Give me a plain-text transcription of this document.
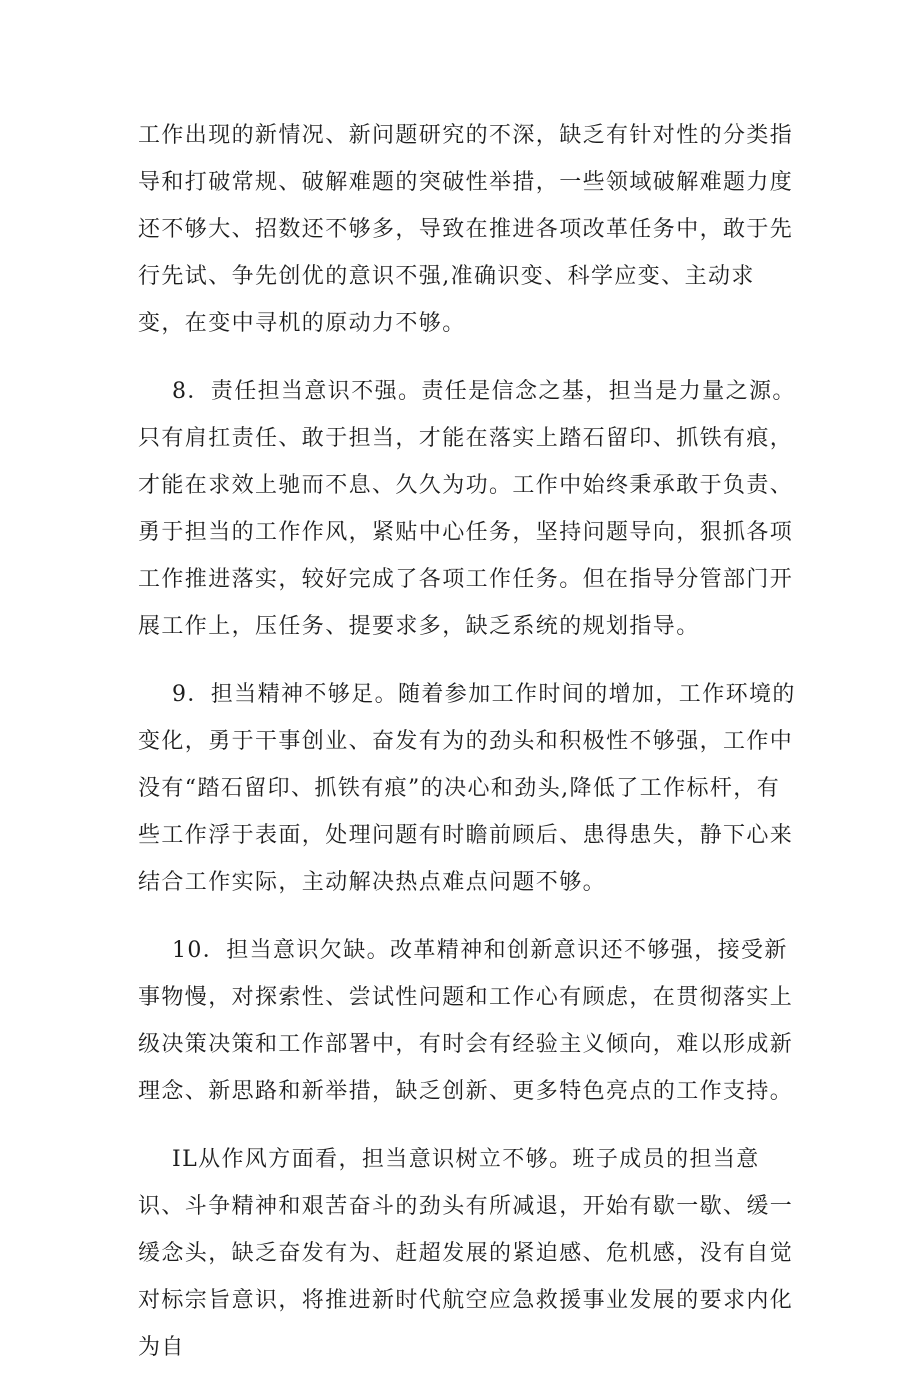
工作出现的新情况、新问题研究的不深，缺乏有针对性的分类指导和打破常规、破解难题的突破性举措，一些领域破解难题力度还不够大、招数还不够多，导致在推进各项改革任务中，敢于先行先试、争先创优的意识不强,准确识变、科学应变、主动求变，在变中寻机的原动力不够。

8．责任担当意识不强。责任是信念之基，担当是力量之源。只有肩扛责任、敢于担当，才能在落实上踏石留印、抓铁有痕，才能在求效上驰而不息、久久为功。工作中始终秉承敢于负责、勇于担当的工作作风，紧贴中心任务，坚持问题导向，狠抓各项工作推进落实，较好完成了各项工作任务。但在指导分管部门开展工作上，压任务、提要求多，缺乏系统的规划指导。

9．担当精神不够足。随着参加工作时间的增加，工作环境的变化，勇于干事创业、奋发有为的劲头和积极性不够强，工作中没有“踏石留印、抓铁有痕”的决心和劲头,降低了工作标杆，有些工作浮于表面，处理问题有时瞻前顾后、患得患失，静下心来结合工作实际，主动解决热点难点问题不够。

10．担当意识欠缺。改革精神和创新意识还不够强，接受新事物慢，对探索性、尝试性问题和工作心有顾虑，在贯彻落实上级决策决策和工作部署中，有时会有经验主义倾向，难以形成新理念、新思路和新举措，缺乏创新、更多特色亮点的工作支持。

IL从作风方面看，担当意识树立不够。班子成员的担当意识、斗争精神和艰苦奋斗的劲头有所减退，开始有歇一歇、缓一缓念头，缺乏奋发有为、赶超发展的紧迫感、危机感，没有自觉对标宗旨意识，将推进新时代航空应急救援事业发展的要求内化为自
